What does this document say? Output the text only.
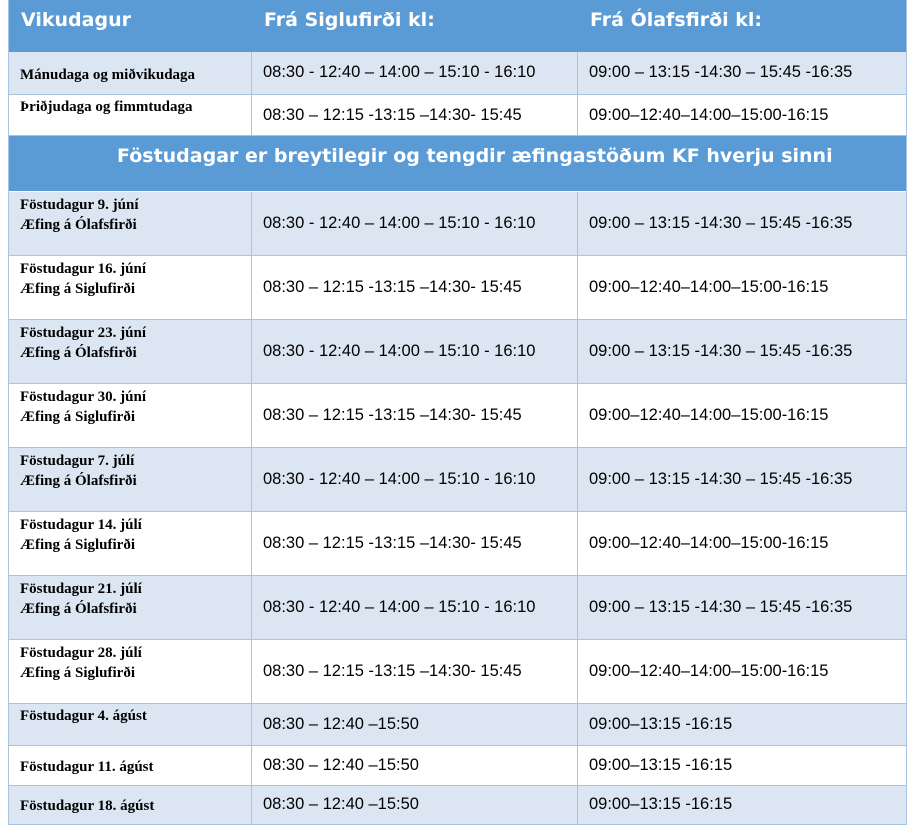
Vikudagur	Frá Siglufirði kl:	Frá Ólafsfirði kl:
Mánudaga og miðvikudaga	08:30 - 12:40 – 14:00 – 15:10 - 16:10	09:00 – 13:15 -14:30 – 15:45 -16:35
Þriðjudaga og fimmtudaga	08:30 – 12:15 -13:15 –14:30- 15:45	09:00–12:40–14:00–15:00-16:15
Föstudagar er breytilegir og tengdir æfingastöðum KF hverju sinni
Föstudagur 9. júní
Æfing á Ólafsfirði	08:30 - 12:40 – 14:00 – 15:10 - 16:10	09:00 – 13:15 -14:30 – 15:45 -16:35
Föstudagur 16. júní
Æfing á Siglufirði	08:30 – 12:15 -13:15 –14:30- 15:45	09:00–12:40–14:00–15:00-16:15
Föstudagur 23. júní
Æfing á Ólafsfirði	08:30 - 12:40 – 14:00 – 15:10 - 16:10	09:00 – 13:15 -14:30 – 15:45 -16:35
Föstudagur 30. júní
Æfing á Siglufirði	08:30 – 12:15 -13:15 –14:30- 15:45	09:00–12:40–14:00–15:00-16:15
Föstudagur 7. júlí
Æfing á Ólafsfirði	08:30 - 12:40 – 14:00 – 15:10 - 16:10	09:00 – 13:15 -14:30 – 15:45 -16:35
Föstudagur 14. júlí
Æfing á Siglufirði	08:30 – 12:15 -13:15 –14:30- 15:45	09:00–12:40–14:00–15:00-16:15
Föstudagur 21. júlí
Æfing á Ólafsfirði	08:30 - 12:40 – 14:00 – 15:10 - 16:10	09:00 – 13:15 -14:30 – 15:45 -16:35
Föstudagur 28. júlí
Æfing á Siglufirði	08:30 – 12:15 -13:15 –14:30- 15:45	09:00–12:40–14:00–15:00-16:15
Föstudagur 4. ágúst	08:30 – 12:40 –15:50	09:00–13:15 -16:15
Föstudagur 11. ágúst	08:30 – 12:40 –15:50	09:00–13:15 -16:15
Föstudagur 18. ágúst	08:30 – 12:40 –15:50	09:00–13:15 -16:15
